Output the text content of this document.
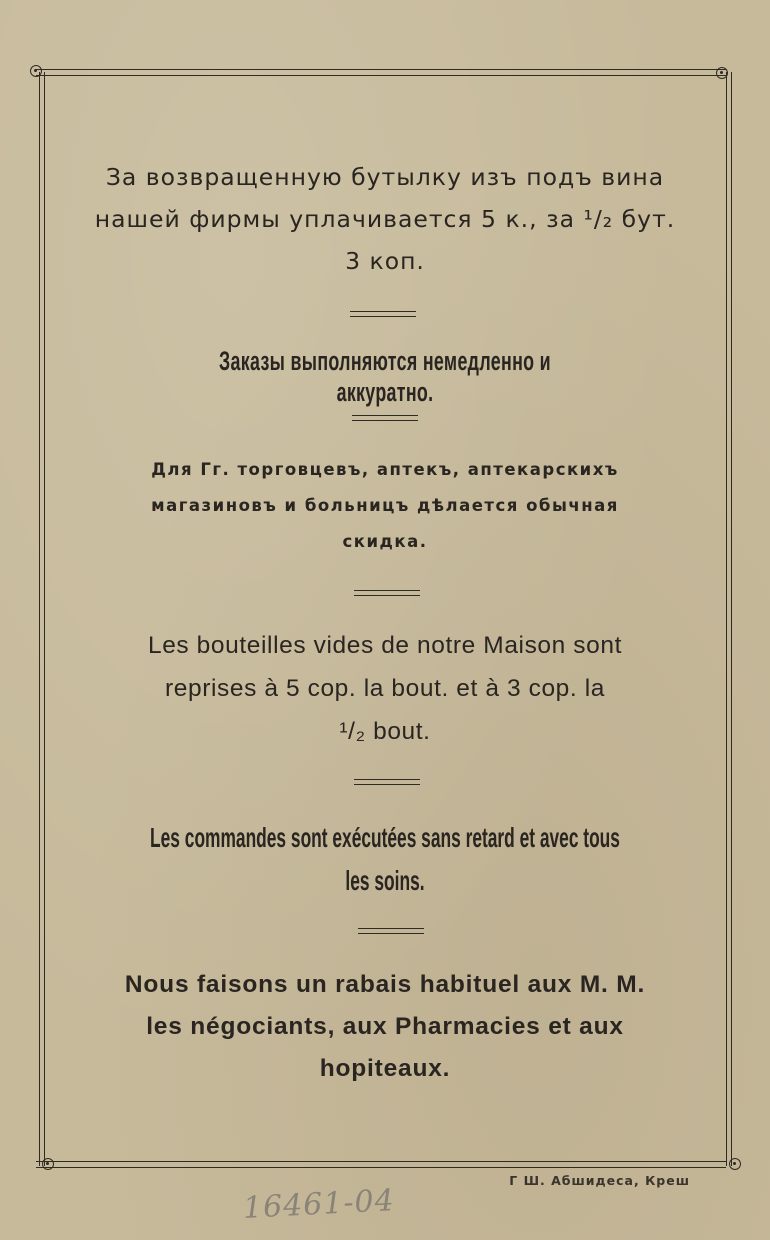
За возвращенную бутылку изъ подъ вина
нашей фирмы уплачивается 5 к., за ¹/₂ бут.
3 коп.
Заказы выполняются немедленно и аккуратно.
Для Гг. торговцевъ, аптекъ, аптекарскихъ
магазиновъ и больницъ дѣлается обычная
скидка.
Les bouteilles vides de notre Maison sont
reprises à 5 cop. la bout. et à 3 cop. la
¹/₂ bout.
Les commandes sont exécutées sans retard et avec tous
les soins.
Nous faisons un rabais habituel aux M. M.
les négociants, aux Pharmacies et aux
hopiteaux.
Г Ш. Абшидеса, Креш
16461-04
